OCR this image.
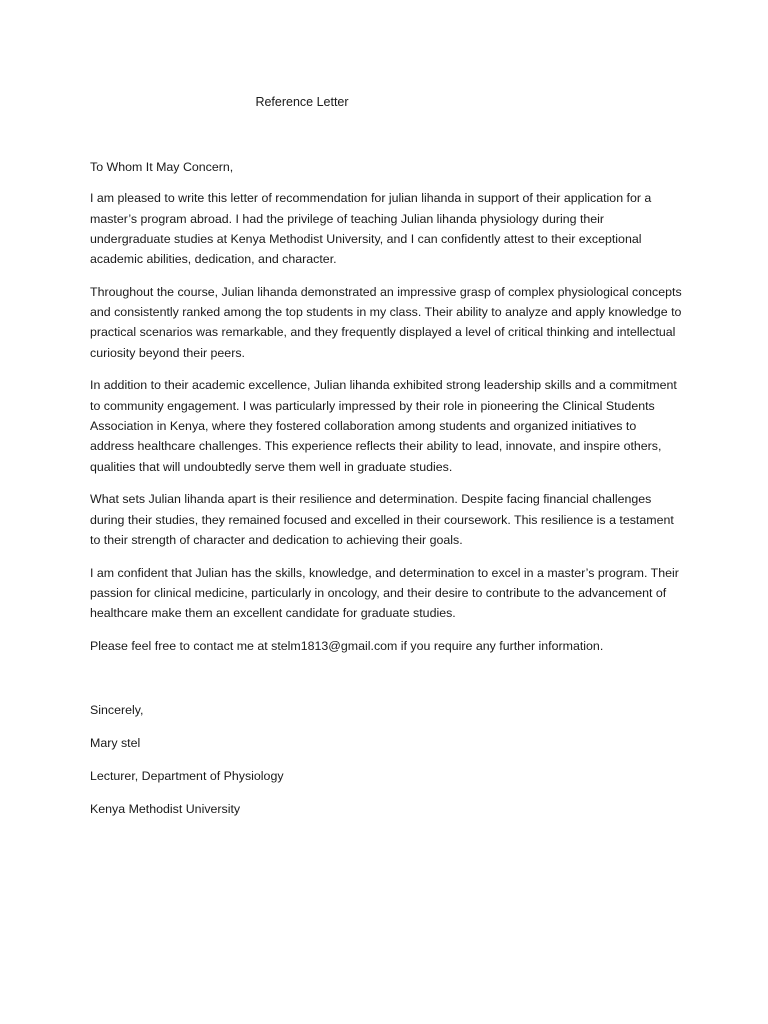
Reference Letter

To Whom It May Concern,

I am pleased to write this letter of recommendation for julian lihanda in support of their application for a master’s program abroad. I had the privilege of teaching Julian lihanda physiology during their undergraduate studies at Kenya Methodist University, and I can confidently attest to their exceptional academic abilities, dedication, and character.

Throughout the course, Julian lihanda demonstrated an impressive grasp of complex physiological concepts and consistently ranked among the top students in my class. Their ability to analyze and apply knowledge to practical scenarios was remarkable, and they frequently displayed a level of critical thinking and intellectual curiosity beyond their peers.

In addition to their academic excellence, Julian lihanda exhibited strong leadership skills and a commitment to community engagement. I was particularly impressed by their role in pioneering the Clinical Students Association in Kenya, where they fostered collaboration among students and organized initiatives to address healthcare challenges. This experience reflects their ability to lead, innovate, and inspire others, qualities that will undoubtedly serve them well in graduate studies.

What sets Julian lihanda apart is their resilience and determination. Despite facing financial challenges during their studies, they remained focused and excelled in their coursework. This resilience is a testament to their strength of character and dedication to achieving their goals.

I am confident that Julian has the skills, knowledge, and determination to excel in a master’s program. Their passion for clinical medicine, particularly in oncology, and their desire to contribute to the advancement of healthcare make them an excellent candidate for graduate studies.

Please feel free to contact me at stelm1813@gmail.com if you require any further information.

Sincerely,

Mary stel

Lecturer, Department of Physiology

Kenya Methodist University
